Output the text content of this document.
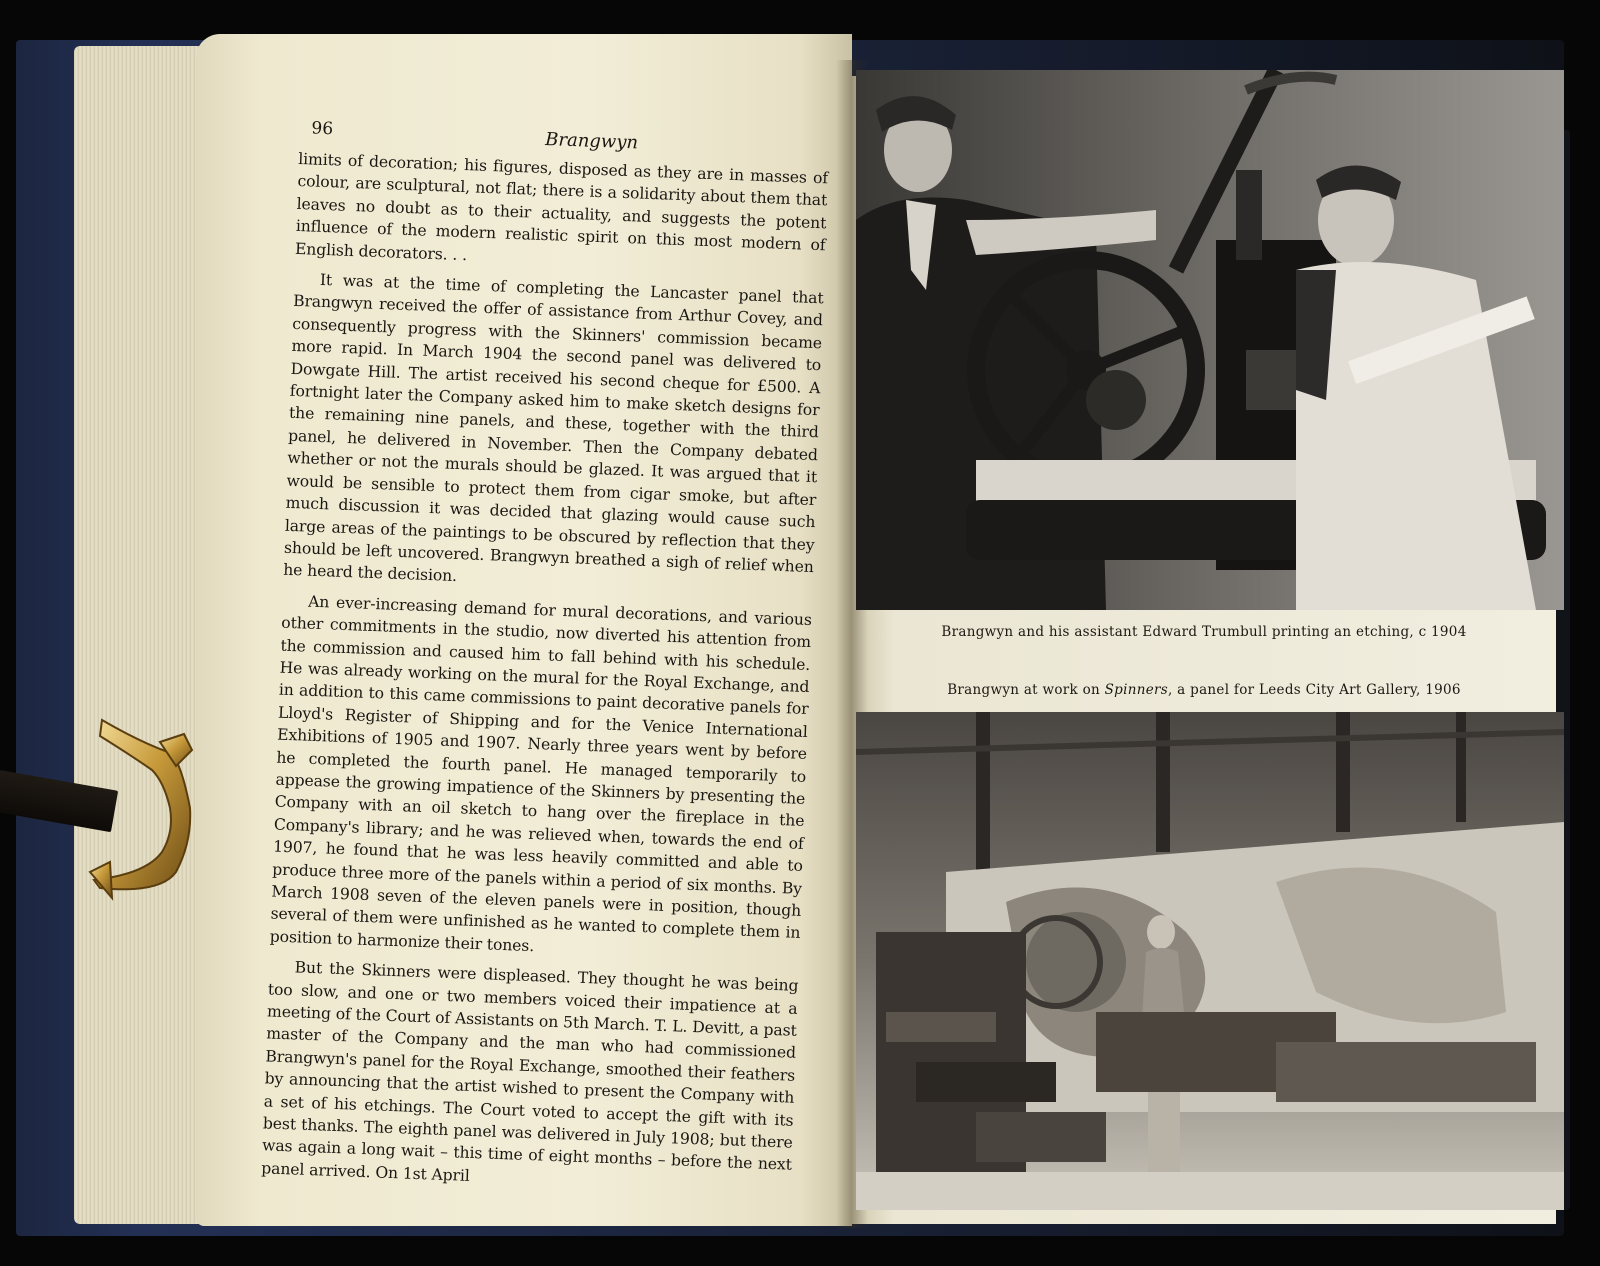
96
Brangwyn

limits of decoration; his figures, disposed as they are in masses of colour, are sculptural, not flat; there is a solidarity about them that leaves no doubt as to their actuality, and suggests the potent influence of the modern realistic spirit on this most modern of English decorators. . .

It was at the time of completing the Lancaster panel that Brangwyn received the offer of assistance from Arthur Covey, and consequently progress with the Skinners' commission became more rapid. In March 1904 the second panel was delivered to Dowgate Hill. The artist received his second cheque for £500. A fortnight later the Company asked him to make sketch designs for the remaining nine panels, and these, together with the third panel, he delivered in November. Then the Company debated whether or not the murals should be glazed. It was argued that it would be sensible to protect them from cigar smoke, but after much discussion it was decided that glazing would cause such large areas of the paintings to be obscured by reflection that they should be left uncovered. Brangwyn breathed a sigh of relief when he heard the decision.

An ever-increasing demand for mural decorations, and various other commitments in the studio, now diverted his attention from the commission and caused him to fall behind with his schedule. He was already working on the mural for the Royal Exchange, and in addition to this came commissions to paint decorative panels for Lloyd's Register of Shipping and for the Venice International Exhibitions of 1905 and 1907. Nearly three years went by before he completed the fourth panel. He managed temporarily to appease the growing impatience of the Skinners by presenting the Company with an oil sketch to hang over the fireplace in the Company's library; and he was relieved when, towards the end of 1907, he found that he was less heavily committed and able to produce three more of the panels within a period of six months. By March 1908 seven of the eleven panels were in position, though several of them were unfinished as he wanted to complete them in position to harmonize their tones.

But the Skinners were displeased. They thought he was being too slow, and one or two members voiced their impatience at a meeting of the Court of Assistants on 5th March. T. L. Devitt, a past master of the Company and the man who had commissioned Brangwyn's panel for the Royal Exchange, smoothed their feathers by announcing that the artist wished to present the Company with a set of his etchings. The Court voted to accept the gift with its best thanks. The eighth panel was delivered in July 1908; but there was again a long wait – this time of eight months – before the next panel arrived. On 1st April

Brangwyn and his assistant Edward Trumbull printing an etching, c 1904
Brangwyn at work on Spinners, a panel for Leeds City Art Gallery, 1906
